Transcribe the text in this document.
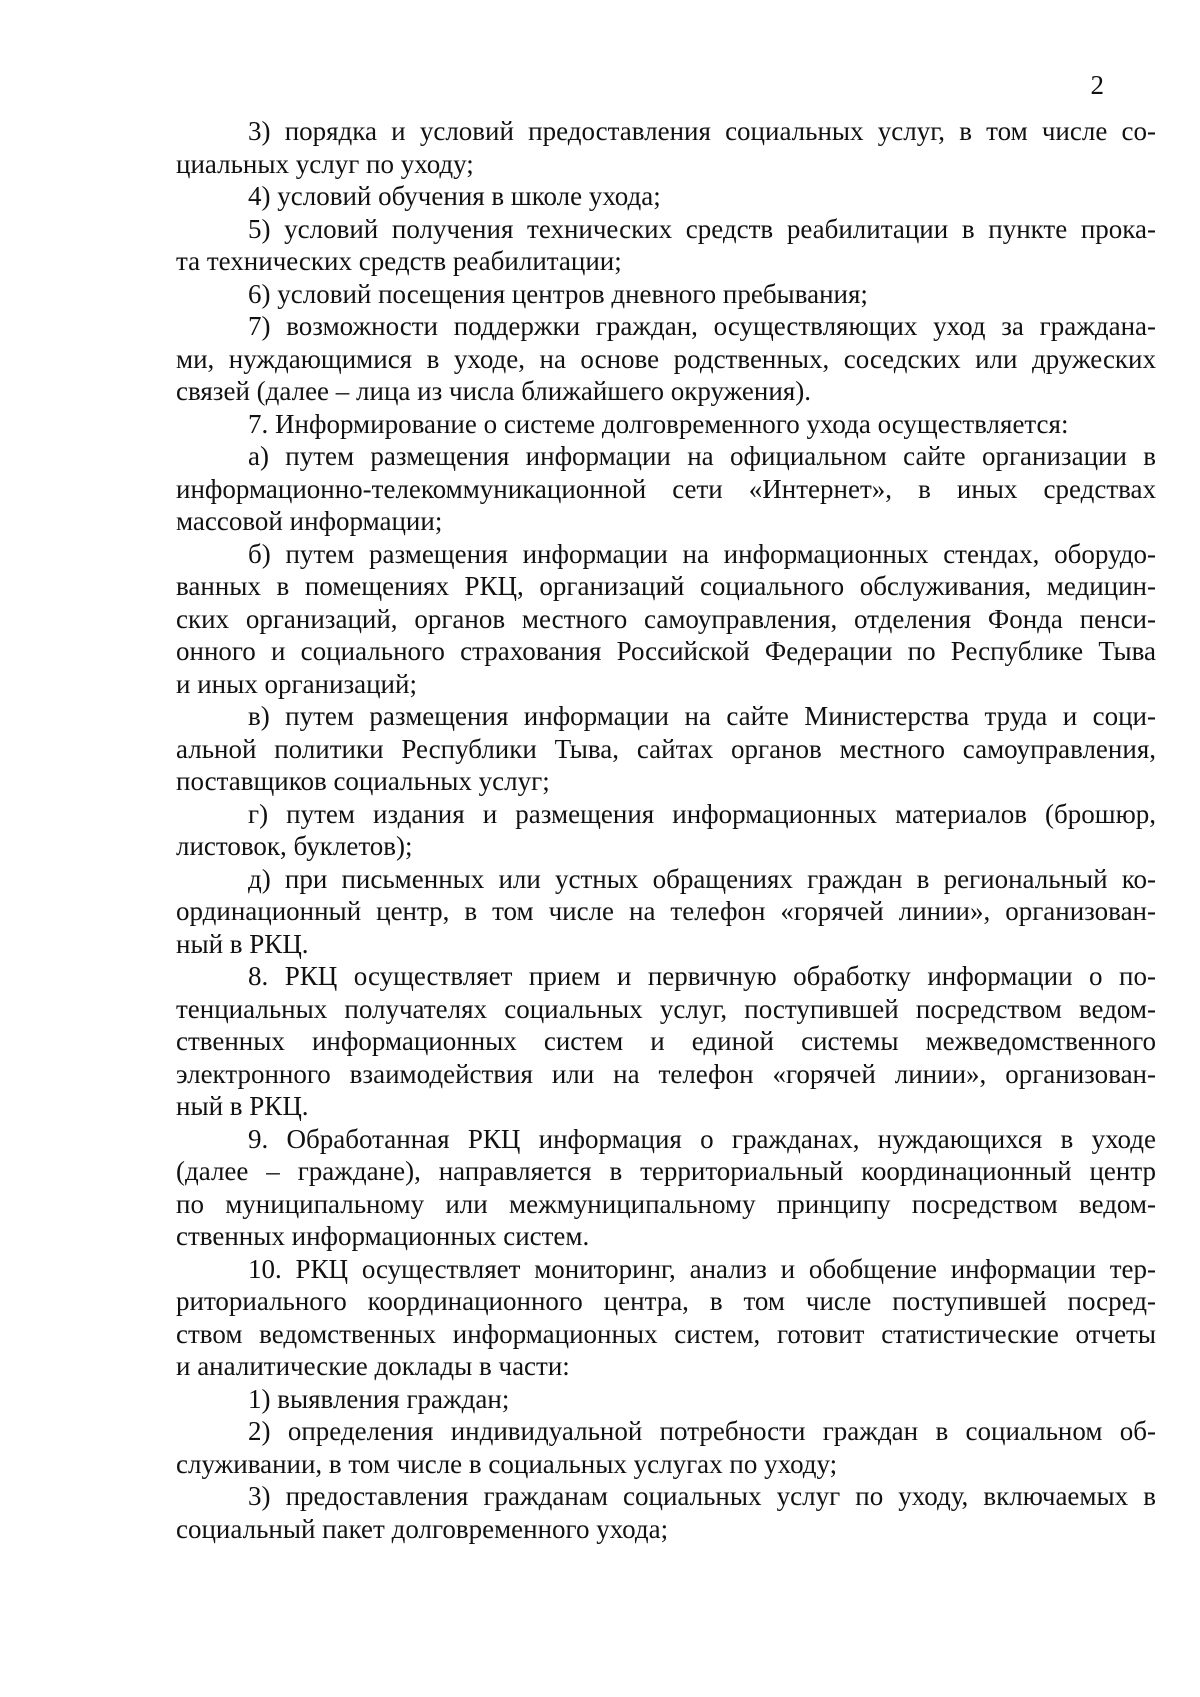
2
3) порядка и условий предоставления социальных услуг, в том числе со-
циальных услуг по уходу;
4) условий обучения в школе ухода;
5) условий получения технических средств реабилитации в пункте прока-
та технических средств реабилитации;
6) условий посещения центров дневного пребывания;
7) возможности поддержки граждан, осуществляющих уход за граждана-
ми, нуждающимися в уходе, на основе родственных, соседских или дружеских
связей (далее – лица из числа ближайшего окружения).
7. Информирование о системе долговременного ухода осуществляется:
а) путем размещения информации на официальном сайте организации в
информационно-телекоммуникационной сети «Интернет», в иных средствах
массовой информации;
б) путем размещения информации на информационных стендах, оборудо-
ванных в помещениях РКЦ, организаций социального обслуживания, медицин-
ских организаций, органов местного самоуправления, отделения Фонда пенси-
онного и социального страхования Российской Федерации по Республике Тыва
и иных организаций;
в) путем размещения информации на сайте Министерства труда и соци-
альной политики Республики Тыва, сайтах органов местного самоуправления,
поставщиков социальных услуг;
г) путем издания и размещения информационных материалов (брошюр,
листовок, буклетов);
д) при письменных или устных обращениях граждан в региональный ко-
ординационный центр, в том числе на телефон «горячей линии», организован-
ный в РКЦ.
8. РКЦ осуществляет прием и первичную обработку информации о по-
тенциальных получателях социальных услуг, поступившей посредством ведом-
ственных информационных систем и единой системы межведомственного
электронного взаимодействия или на телефон «горячей линии», организован-
ный в РКЦ.
9. Обработанная РКЦ информация о гражданах, нуждающихся в уходе
(далее – граждане), направляется в территориальный координационный центр
по муниципальному или межмуниципальному принципу посредством ведом-
ственных информационных систем.
10. РКЦ осуществляет мониторинг, анализ и обобщение информации тер-
риториального координационного центра, в том числе поступившей посред-
ством ведомственных информационных систем, готовит статистические отчеты
и аналитические доклады в части:
1) выявления граждан;
2) определения индивидуальной потребности граждан в социальном об-
служивании, в том числе в социальных услугах по уходу;
3) предоставления гражданам социальных услуг по уходу, включаемых в
социальный пакет долговременного ухода;
